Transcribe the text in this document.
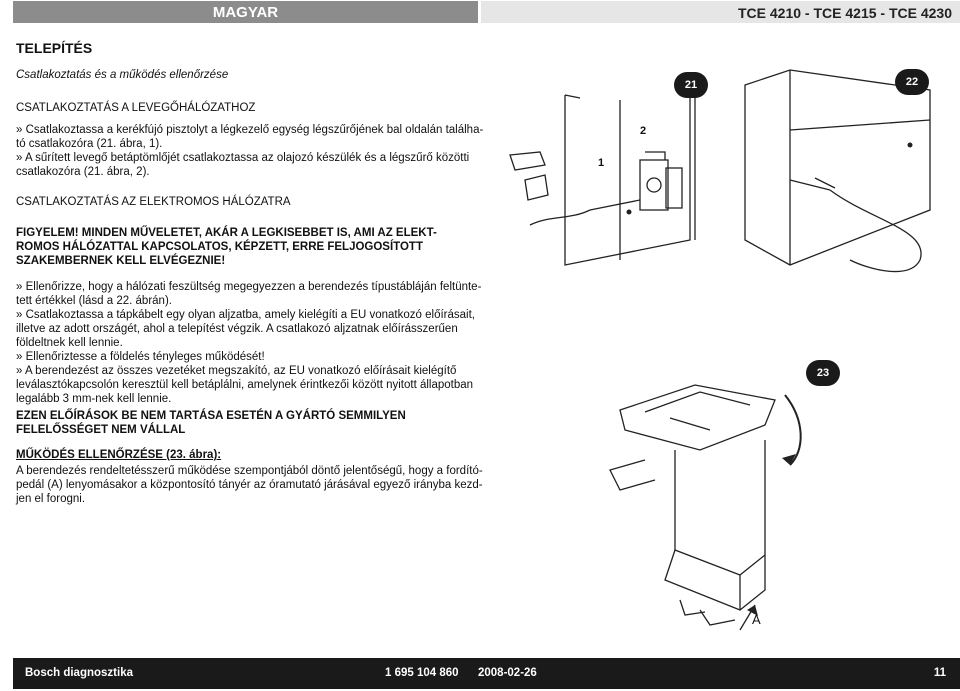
MAGYAR	TCE 4210 - TCE 4215 - TCE 4230
TELEPÍTÉS
Csatlakoztatás és a működés ellenőrzése
CSATLAKOZTATÁS A LEVEGŐHÁLÓZATHOZ
» Csatlakoztassa a kerékfújó pisztolyt a légkezelő egység légszűrőjének bal oldalán találha-
tó csatlakozóra (21. ábra, 1).
» A sűrített levegő betáptömlőjét csatlakoztassa az olajozó készülék és a légszűrő közötti
csatlakozóra (21. ábra, 2).
CSATLAKOZTATÁS AZ ELEKTROMOS HÁLÓZATRA
FIGYELEM! MINDEN MŰVELETET, AKÁR A LEGKISEBBET IS, AMI AZ ELEKT-
ROMOS HÁLÓZATTAL KAPCSOLATOS, KÉPZETT, ERRE FELJOGOSÍTOTT
SZAKEMBERNEK KELL ELVÉGEZNIE!
» Ellenőrizze, hogy a hálózati feszültség megegyezzen a berendezés típustábláján feltünte-
tett értékkel (lásd a 22. ábrán).
» Csatlakoztassa a tápkábelt egy olyan aljzatba, amely kielégíti a EU vonatkozó előírásait,
illetve az adott országét, ahol a telepítést végzik. A csatlakozó aljzatnak előírásszerűen
földeltnek kell lennie.
» Ellenőriztesse a földelés tényleges működését!
» A berendezést az összes vezetéket megszakító, az EU vonatkozó előírásait kielégítő
leválasztókapcsolón keresztül kell betáplálni, amelynek érintkezői között nyitott állapotban
legalább 3 mm-nek kell lennie.
EZEN ELŐÍRÁSOK BE NEM TARTÁSA ESETÉN A GYÁRTÓ SEMMILYEN
FELELŐSSÉGET NEM VÁLLAL
MŰKÖDÉS ELLENŐRZÉSE (23. ábra):
A berendezés rendeltetésszerű működése szempontjából döntő jelentőségű, hogy a fordító-
pedál (A) lenyomásakor a központosító tányér az óramutató járásával egyező irányba kezd-
jen el forogni.
21	22
1
2
23
A
Bosch diagnosztika	1 695 104 860 2008-02-26	11
